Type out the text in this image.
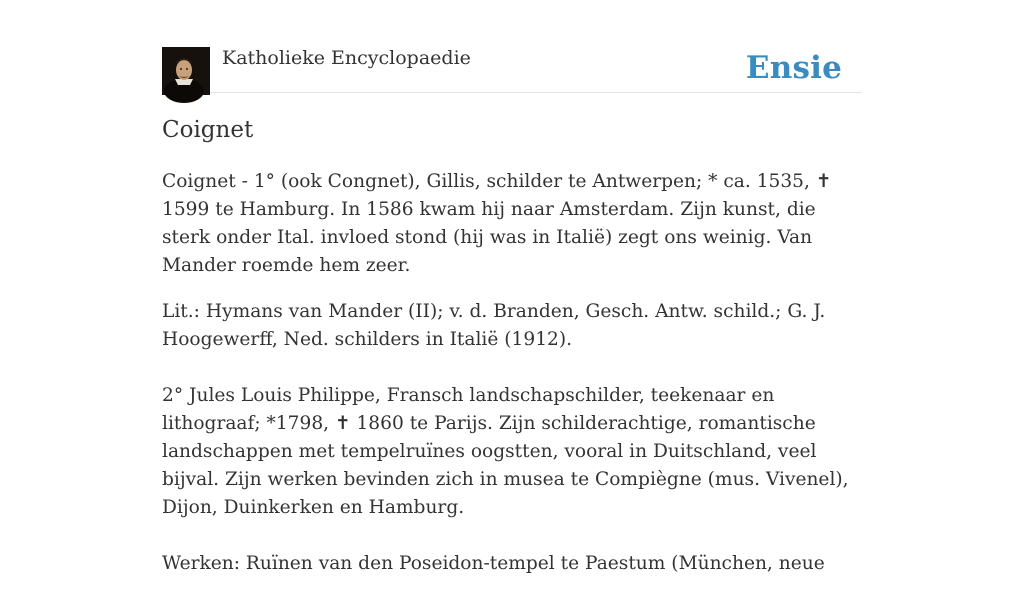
Katholieke Encyclopaedie	Ensie
Coignet

Coignet - 1° (ook Congnet), Gillis, schilder te Antwerpen; * ca. 1535, ✝ 1599 te Hamburg. In 1586 kwam hij naar Amsterdam. Zijn kunst, die sterk onder Ital. invloed stond (hij was in Italië) zegt ons weinig. Van Mander roemde hem zeer.

Lit.: Hymans van Mander (II); v. d. Branden, Gesch. Antw. schild.; G. J. Hoogewerff, Ned. schilders in Italië (1912).

2° Jules Louis Philippe, Fransch landschapschilder, teekenaar en lithograaf; *1798, ✝ 1860 te Parijs. Zijn schilderachtige, romantische landschappen met tempelruïnes oogstten, vooral in Duitschland, veel bijval. Zijn werken bevinden zich in musea te Compiègne (mus. Vivenel), Dijon, Duinkerken en Hamburg.

Werken: Ruïnen van den Poseidon-tempel te Paestum (München, neue
